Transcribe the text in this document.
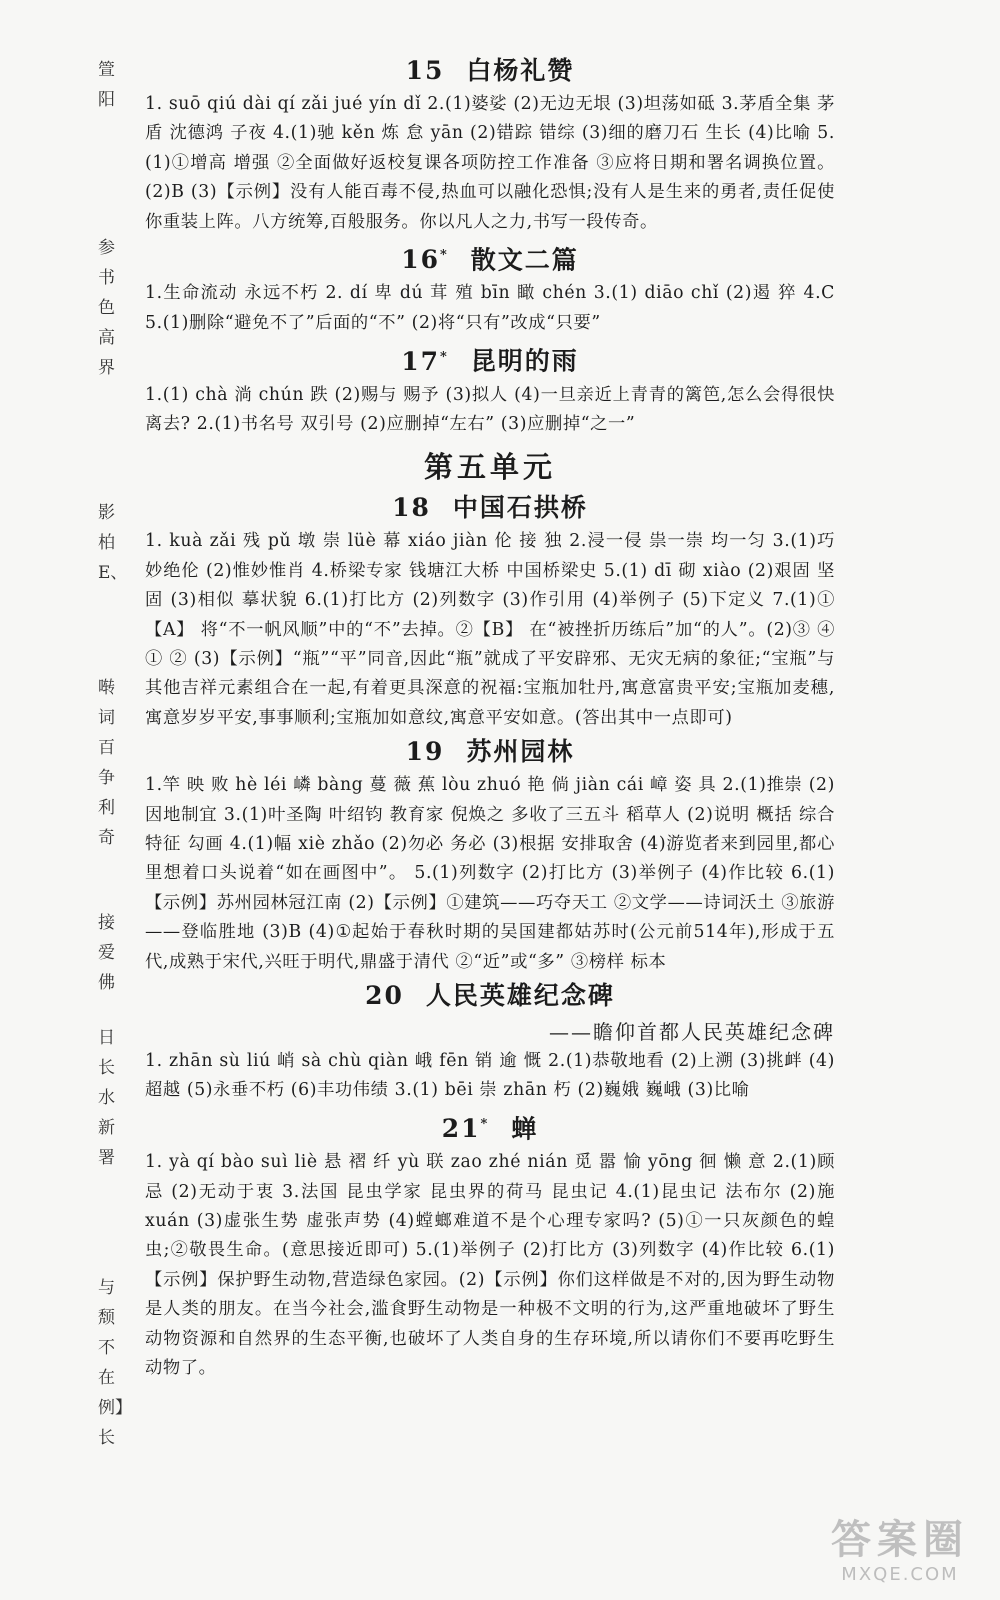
箮
阳
参
书
色
高
界
影
柏
E、
啭
词
百
争
利
奇
接
爱
佛
日
长
水
新
署
与
颓
不
在
例】
长
15 白杨礼赞

1. suō qiú dài qí zǎi jué yín dǐ 2.(1)婆娑 (2)无边无垠 (3)坦荡如砥 3.茅盾全集 茅盾 沈德鸿 子夜 4.(1)驰 kěn 炼 怠 yān (2)错踪 错综 (3)细的磨刀石 生长 (4)比喻 5.(1)①增高 增强 ②全面做好返校复课各项防控工作准备 ③应将日期和署名调换位置。(2)B (3)【示例】没有人能百毒不侵,热血可以融化恐惧;没有人是生来的勇者,责任促使你重装上阵。八方统筹,百般服务。你以凡人之力,书写一段传奇。

16* 散文二篇

1.生命流动 永远不朽 2. dí 卑 dú 茸 殖 bīn 瞰 chén 3.(1) diāo chǐ (2)遏 猝 4.C 5.(1)删除“避免不了”后面的“不” (2)将“只有”改成“只要”

17* 昆明的雨

1.(1) chà 淌 chún 跌 (2)赐与 赐予 (3)拟人 (4)一旦亲近上青青的篱笆,怎么会得很快离去? 2.(1)书名号 双引号 (2)应删掉“左右” (3)应删掉“之一”

第五单元
18 中国石拱桥

1. kuà zǎi 残 pǔ 墩 崇 lüè 幕 xiáo jiàn 伦 接 独 2.浸一侵 祟一崇 均一匀 3.(1)巧妙绝伦 (2)惟妙惟肖 4.桥梁专家 钱塘江大桥 中国桥梁史 5.(1) dī 砌 xiào (2)艰固 坚固 (3)相似 摹状貌 6.(1)打比方 (2)列数字 (3)作引用 (4)举例子 (5)下定义 7.(1)①【A】 将“不一帆风顺”中的“不”去掉。②【B】 在“被挫折历练后”加“的人”。(2)③ ④ ① ② (3)【示例】“瓶”“平”同音,因此“瓶”就成了平安辟邪、无灾无病的象征;“宝瓶”与其他吉祥元素组合在一起,有着更具深意的祝福:宝瓶加牡丹,寓意富贵平安;宝瓶加麦穗,寓意岁岁平安,事事顺利;宝瓶加如意纹,寓意平安如意。(答出其中一点即可)

19 苏州园林

1.竿 映 败 hè léi 嶙 bàng 蔓 薇 蕉 lòu zhuó 艳 倘 jiàn cái 嶂 姿 具 2.(1)推崇 (2)因地制宜 3.(1)叶圣陶 叶绍钧 教育家 倪焕之 多收了三五斗 稻草人 (2)说明 概括 综合 特征 勾画 4.(1)幅 xiè zhǎo (2)勿必 务必 (3)根据 安排取舍 (4)游览者来到园里,都心里想着口头说着“如在画图中”。 5.(1)列数字 (2)打比方 (3)举例子 (4)作比较 6.(1)【示例】苏州园林冠江南 (2)【示例】①建筑——巧夺天工 ②文学——诗词沃土 ③旅游——登临胜地 (3)B (4)①起始于春秋时期的吴国建都姑苏时(公元前514年),形成于五代,成熟于宋代,兴旺于明代,鼎盛于清代 ②“近”或“多” ③榜样 标本

20 人民英雄纪念碑
——瞻仰首都人民英雄纪念碑

1. zhān sù liú 峭 sà chù qiàn 峨 fēn 销 逾 慨 2.(1)恭敬地看 (2)上溯 (3)挑衅 (4)超越 (5)永垂不朽 (6)丰功伟绩 3.(1) bēi 崇 zhān 朽 (2)巍娥 巍峨 (3)比喻

21* 蝉

1. yà qí bào suì liè 悬 褶 纤 yù 联 zao zhé nián 觅 嚣 愉 yōng 徊 懒 意 2.(1)顾忌 (2)无动于衷 3.法国 昆虫学家 昆虫界的荷马 昆虫记 4.(1)昆虫记 法布尔 (2)施 xuán (3)虚张生势 虚张声势 (4)螳螂难道不是个心理专家吗? (5)①一只灰颜色的蝗虫;②敬畏生命。(意思接近即可) 5.(1)举例子 (2)打比方 (3)列数字 (4)作比较 6.(1)【示例】保护野生动物,营造绿色家园。(2)【示例】你们这样做是不对的,因为野生动物是人类的朋友。在当今社会,滥食野生动物是一种极不文明的行为,这严重地破坏了野生动物资源和自然界的生态平衡,也破坏了人类自身的生存环境,所以请你们不要再吃野生动物了。

答案圈
MXQE.COM
